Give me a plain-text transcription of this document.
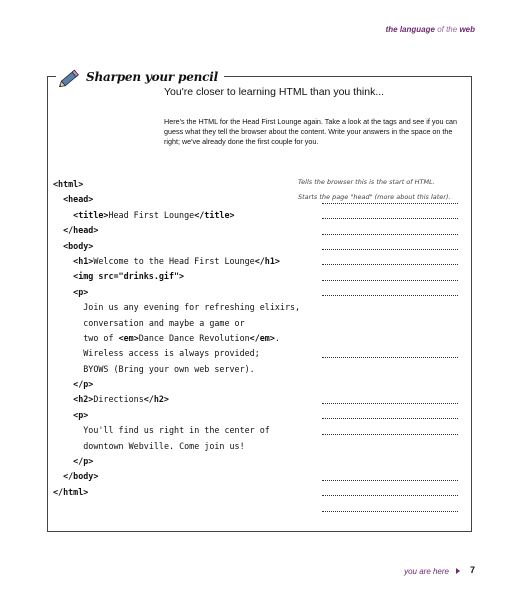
the language of the web
Sharpen your pencil
You're closer to learning HTML than you think...
Here's the HTML for the Head First Lounge again. Take a look at the tags and see if you can guess what they tell the browser about the content. Write your answers in the space on the right; we've already done the first couple for you.
<html>
<head>
<title>Head First Lounge</title>
</head>
<body>
<h1>Welcome to the Head First Lounge</h1>
<img src="drinks.gif">
<p>
Join us any evening for refreshing elixirs,
conversation and maybe a game or
two of <em>Dance Dance Revolution</em>.
Wireless access is always provided;
BYOWS (Bring your own web server).
</p>
<h2>Directions</h2>
<p>
You'll find us right in the center of
downtown Webville. Come join us!
</p>
</body>
</html>
Tells the browser this is the start of HTML.
Starts the page "head" (more about this later).
you are here 7
